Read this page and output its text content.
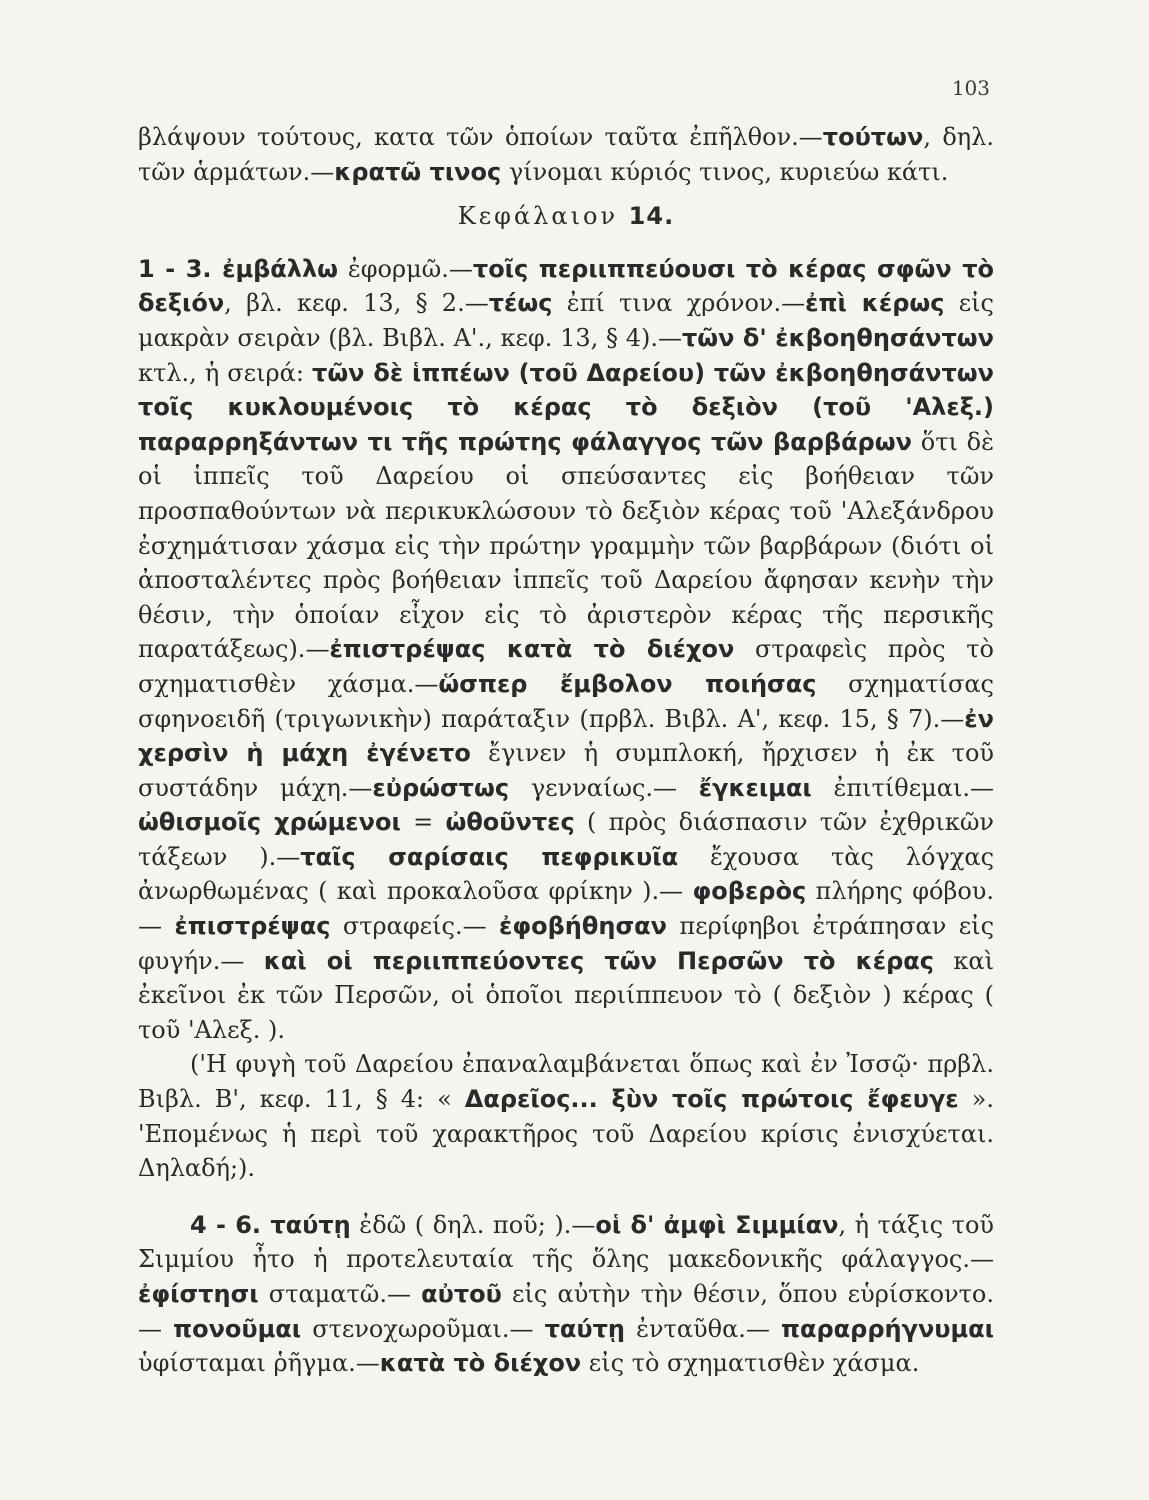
103

βλάψουν τούτους, κατα τῶν ὁποίων ταῦτα ἐπῆλθον.—τούτων, δηλ. τῶν ἁρμάτων.—κρατῶ τινος γίνομαι κύριός τινος, κυριεύω κάτι.

Κεφάλαιον 14.

1 - 3. ἐμβάλλω ἐφορμῶ.—τοῖς περιιππεύουσι τὸ κέρας σφῶν τὸ δεξιόν, βλ. κεφ. 13, § 2.—τέως ἐπί τινα χρόνον.—ἐπὶ κέρως εἰς μακρὰν σειρὰν (βλ. Βιβλ. Α'., κεφ. 13, § 4).—τῶν δ' ἐκβοηθησάντων κτλ., ἡ σειρά: τῶν δὲ ἱππέων (τοῦ Δαρείου) τῶν ἐκβοηθησάντων τοῖς κυκλουμένοις τὸ κέρας τὸ δεξιὸν (τοῦ 'Αλεξ.) παραρρηξάντων τι τῆς πρώτης φάλαγγος τῶν βαρβάρων ὅτι δὲ οἱ ἱππεῖς τοῦ Δαρείου οἱ σπεύσαντες εἰς βοήθειαν τῶν προσπαθούντων νὰ περικυκλώσουν τὸ δεξιὸν κέρας τοῦ 'Αλεξάνδρου ἐσχημάτισαν χάσμα εἰς τὴν πρώτην γραμμὴν τῶν βαρβάρων (διότι οἱ ἀποσταλέντες πρὸς βοήθειαν ἱππεῖς τοῦ Δαρείου ἄφησαν κενὴν τὴν θέσιν, τὴν ὁποίαν εἶχον εἰς τὸ ἀριστερὸν κέρας τῆς περσικῆς παρατάξεως).—ἐπιστρέψας κατὰ τὸ διέχον στραφεὶς πρὸς τὸ σχηματισθὲν χάσμα.—ὥσπερ ἔμβολον ποιήσας σχηματίσας σφηνοειδῆ (τριγωνικὴν) παράταξιν (πρβλ. Βιβλ. Α', κεφ. 15, § 7).—ἐν χερσὶν ἡ μάχη ἐγένετο ἔγινεν ἡ συμπλοκή, ἤρχισεν ἡ ἐκ τοῦ συστάδην μάχη.—εὐρώστως γενναίως.— ἔγκειμαι ἐπιτίθεμαι.— ὠθισμοῖς χρώμενοι = ὠθοῦντες ( πρὸς διάσπασιν τῶν ἐχθρικῶν τάξεων ).—ταῖς σαρίσαις πεφρικυῖα ἔχουσα τὰς λόγχας ἀνωρθωμένας ( καὶ προκαλοῦσα φρίκην ).— φοβερὸς πλήρης φόβου.— ἐπιστρέψας στραφείς.— ἐφοβήθησαν περίφηβοι ἐτράπησαν εἰς φυγήν.— καὶ οἱ περιιππεύοντες τῶν Περσῶν τὸ κέρας καὶ ἐκεῖνοι ἐκ τῶν Περσῶν, οἱ ὁποῖοι περιίππευον τὸ ( δεξιὸν ) κέρας ( τοῦ 'Αλεξ. ).

('Η φυγὴ τοῦ Δαρείου ἐπαναλαμβάνεται ὅπως καὶ ἐν Ἰσσῷ· πρβλ. Βιβλ. Β', κεφ. 11, § 4: « Δαρεῖος... ξὺν τοῖς πρώτοις ἔφευγε ». 'Επομένως ἡ περὶ τοῦ χαρακτῆρος τοῦ Δαρείου κρίσις ἐνισχύεται. Δηλαδή;).

4 - 6. ταύτῃ ἐδῶ ( δηλ. ποῦ; ).—οἱ δ' ἀμφὶ Σιμμίαν, ἡ τάξις τοῦ Σιμμίου ἦτο ἡ προτελευταία τῆς ὅλης μακεδονικῆς φάλαγγος.— ἐφίστησι σταματῶ.— αὐτοῦ εἰς αὐτὴν τὴν θέσιν, ὅπου εὑρίσκοντο.— πονοῦμαι στενοχωροῦμαι.— ταύτῃ ἐνταῦθα.— παραρρήγνυμαι ὑφίσταμαι ῥῆγμα.—κατὰ τὸ διέχον εἰς τὸ σχηματισθὲν χάσμα.
